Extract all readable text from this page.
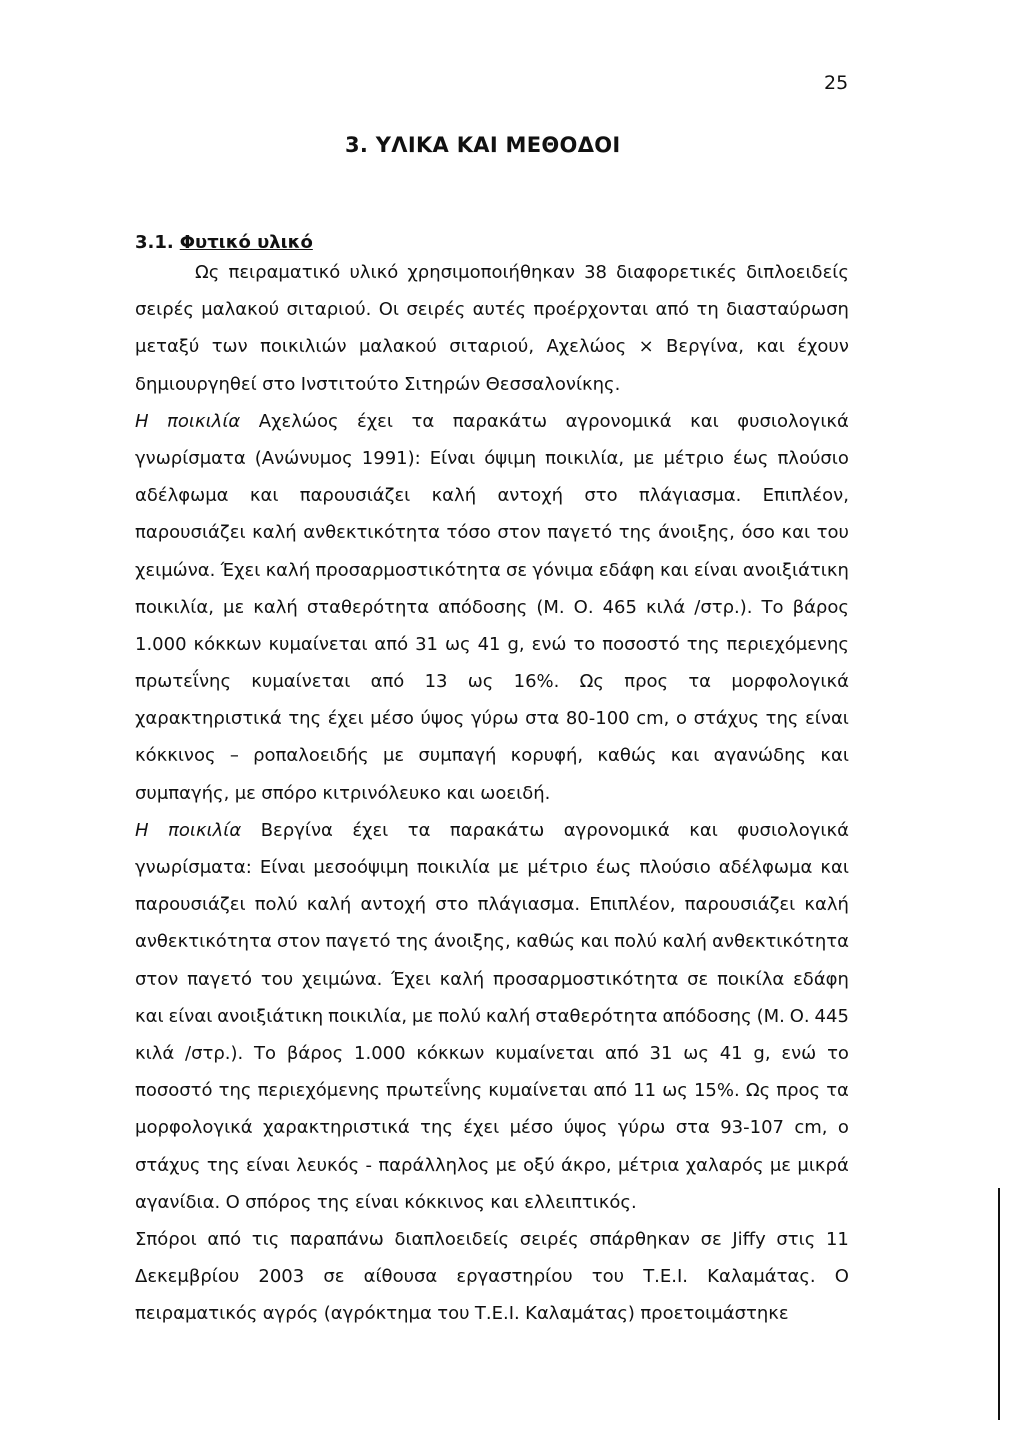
25
3. ΥΛΙΚΑ ΚΑΙ ΜΕΘΟΔΟΙ
3.1. Φυτικό υλικό
Ως πειραματικό υλικό χρησιμοποιήθηκαν 38 διαφορετικές διπλοειδείς
σειρές μαλακού σιταριού. Οι σειρές αυτές προέρχονται από τη διασταύρωση
μεταξύ των ποικιλιών μαλακού σιταριού, Αχελώος × Βεργίνα, και έχουν
δημιουργηθεί στο Ινστιτούτο Σιτηρών Θεσσαλονίκης.
Η ποικιλία Αχελώος έχει τα παρακάτω αγρονομικά και φυσιολογικά
γνωρίσματα (Ανώνυμος 1991): Είναι όψιμη ποικιλία, με μέτριο έως πλούσιο
αδέλφωμα και παρουσιάζει καλή αντοχή στο πλάγιασμα. Επιπλέον,
παρουσιάζει καλή ανθεκτικότητα τόσο στον παγετό της άνοιξης, όσο και του
χειμώνα. Έχει καλή προσαρμοστικότητα σε γόνιμα εδάφη και είναι ανοιξιάτικη
ποικιλία, με καλή σταθερότητα απόδοσης (Μ. Ο. 465 κιλά /στρ.). Το βάρος
1.000 κόκκων κυμαίνεται από 31 ως 41 g, ενώ το ποσοστό της περιεχόμενης
πρωτεΐνης κυμαίνεται από 13 ως 16%. Ως προς τα μορφολογικά
χαρακτηριστικά της έχει μέσο ύψος γύρω στα 80-100 cm, ο στάχυς της είναι
κόκκινος – ροπαλοειδής με συμπαγή κορυφή, καθώς και αγανώδης και
συμπαγής, με σπόρο κιτρινόλευκο και ωοειδή.
Η ποικιλία Βεργίνα έχει τα παρακάτω αγρονομικά και φυσιολογικά
γνωρίσματα: Είναι μεσοόψιμη ποικιλία με μέτριο έως πλούσιο αδέλφωμα και
παρουσιάζει πολύ καλή αντοχή στο πλάγιασμα. Επιπλέον, παρουσιάζει καλή
ανθεκτικότητα στον παγετό της άνοιξης, καθώς και πολύ καλή ανθεκτικότητα
στον παγετό του χειμώνα. Έχει καλή προσαρμοστικότητα σε ποικίλα εδάφη
και είναι ανοιξιάτικη ποικιλία, με πολύ καλή σταθερότητα απόδοσης (Μ. Ο. 445
κιλά /στρ.). Το βάρος 1.000 κόκκων κυμαίνεται από 31 ως 41 g, ενώ το
ποσοστό της περιεχόμενης πρωτεΐνης κυμαίνεται από 11 ως 15%. Ως προς τα
μορφολογικά χαρακτηριστικά της έχει μέσο ύψος γύρω στα 93-107 cm, ο
στάχυς της είναι λευκός - παράλληλος με οξύ άκρο, μέτρια χαλαρός με μικρά
αγανίδια. Ο σπόρος της είναι κόκκινος και ελλειπτικός.
Σπόροι από τις παραπάνω διαπλοειδείς σειρές σπάρθηκαν σε Jiffy στις 11
Δεκεμβρίου 2003 σε αίθουσα εργαστηρίου του Τ.Ε.Ι. Καλαμάτας. Ο
πειραματικός αγρός (αγρόκτημα του Τ.Ε.Ι. Καλαμάτας) προετοιμάστηκε
